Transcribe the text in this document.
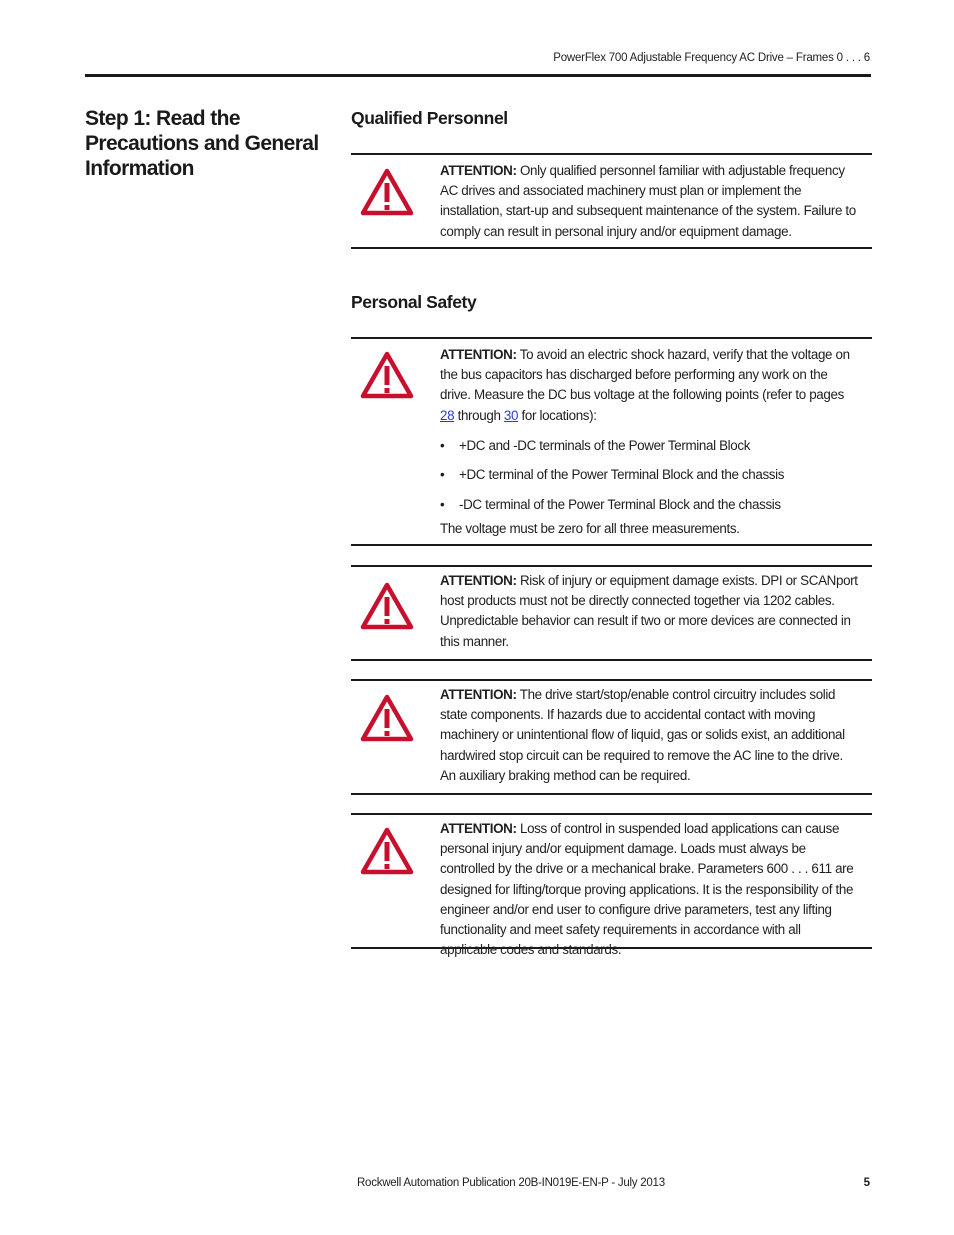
PowerFlex 700 Adjustable Frequency AC Drive – Frames 0 . . . 6
Step 1: Read the Precautions and General Information
Qualified Personnel
ATTENTION: Only qualified personnel familiar with adjustable frequency AC drives and associated machinery must plan or implement the installation, start-up and subsequent maintenance of the system. Failure to comply can result in personal injury and/or equipment damage.
Personal Safety
ATTENTION: To avoid an electric shock hazard, verify that the voltage on the bus capacitors has discharged before performing any work on the drive. Measure the DC bus voltage at the following points (refer to pages 28 through 30 for locations):
• +DC and -DC terminals of the Power Terminal Block
• +DC terminal of the Power Terminal Block and the chassis
• -DC terminal of the Power Terminal Block and the chassis
The voltage must be zero for all three measurements.
ATTENTION: Risk of injury or equipment damage exists. DPI or SCANport host products must not be directly connected together via 1202 cables. Unpredictable behavior can result if two or more devices are connected in this manner.
ATTENTION: The drive start/stop/enable control circuitry includes solid state components. If hazards due to accidental contact with moving machinery or unintentional flow of liquid, gas or solids exist, an additional hardwired stop circuit can be required to remove the AC line to the drive. An auxiliary braking method can be required.
ATTENTION: Loss of control in suspended load applications can cause personal injury and/or equipment damage. Loads must always be controlled by the drive or a mechanical brake. Parameters 600 . . . 611 are designed for lifting/torque proving applications. It is the responsibility of the engineer and/or end user to configure drive parameters, test any lifting functionality and meet safety requirements in accordance with all applicable codes and standards.
Rockwell Automation Publication 20B-IN019E-EN-P - July 2013	5
